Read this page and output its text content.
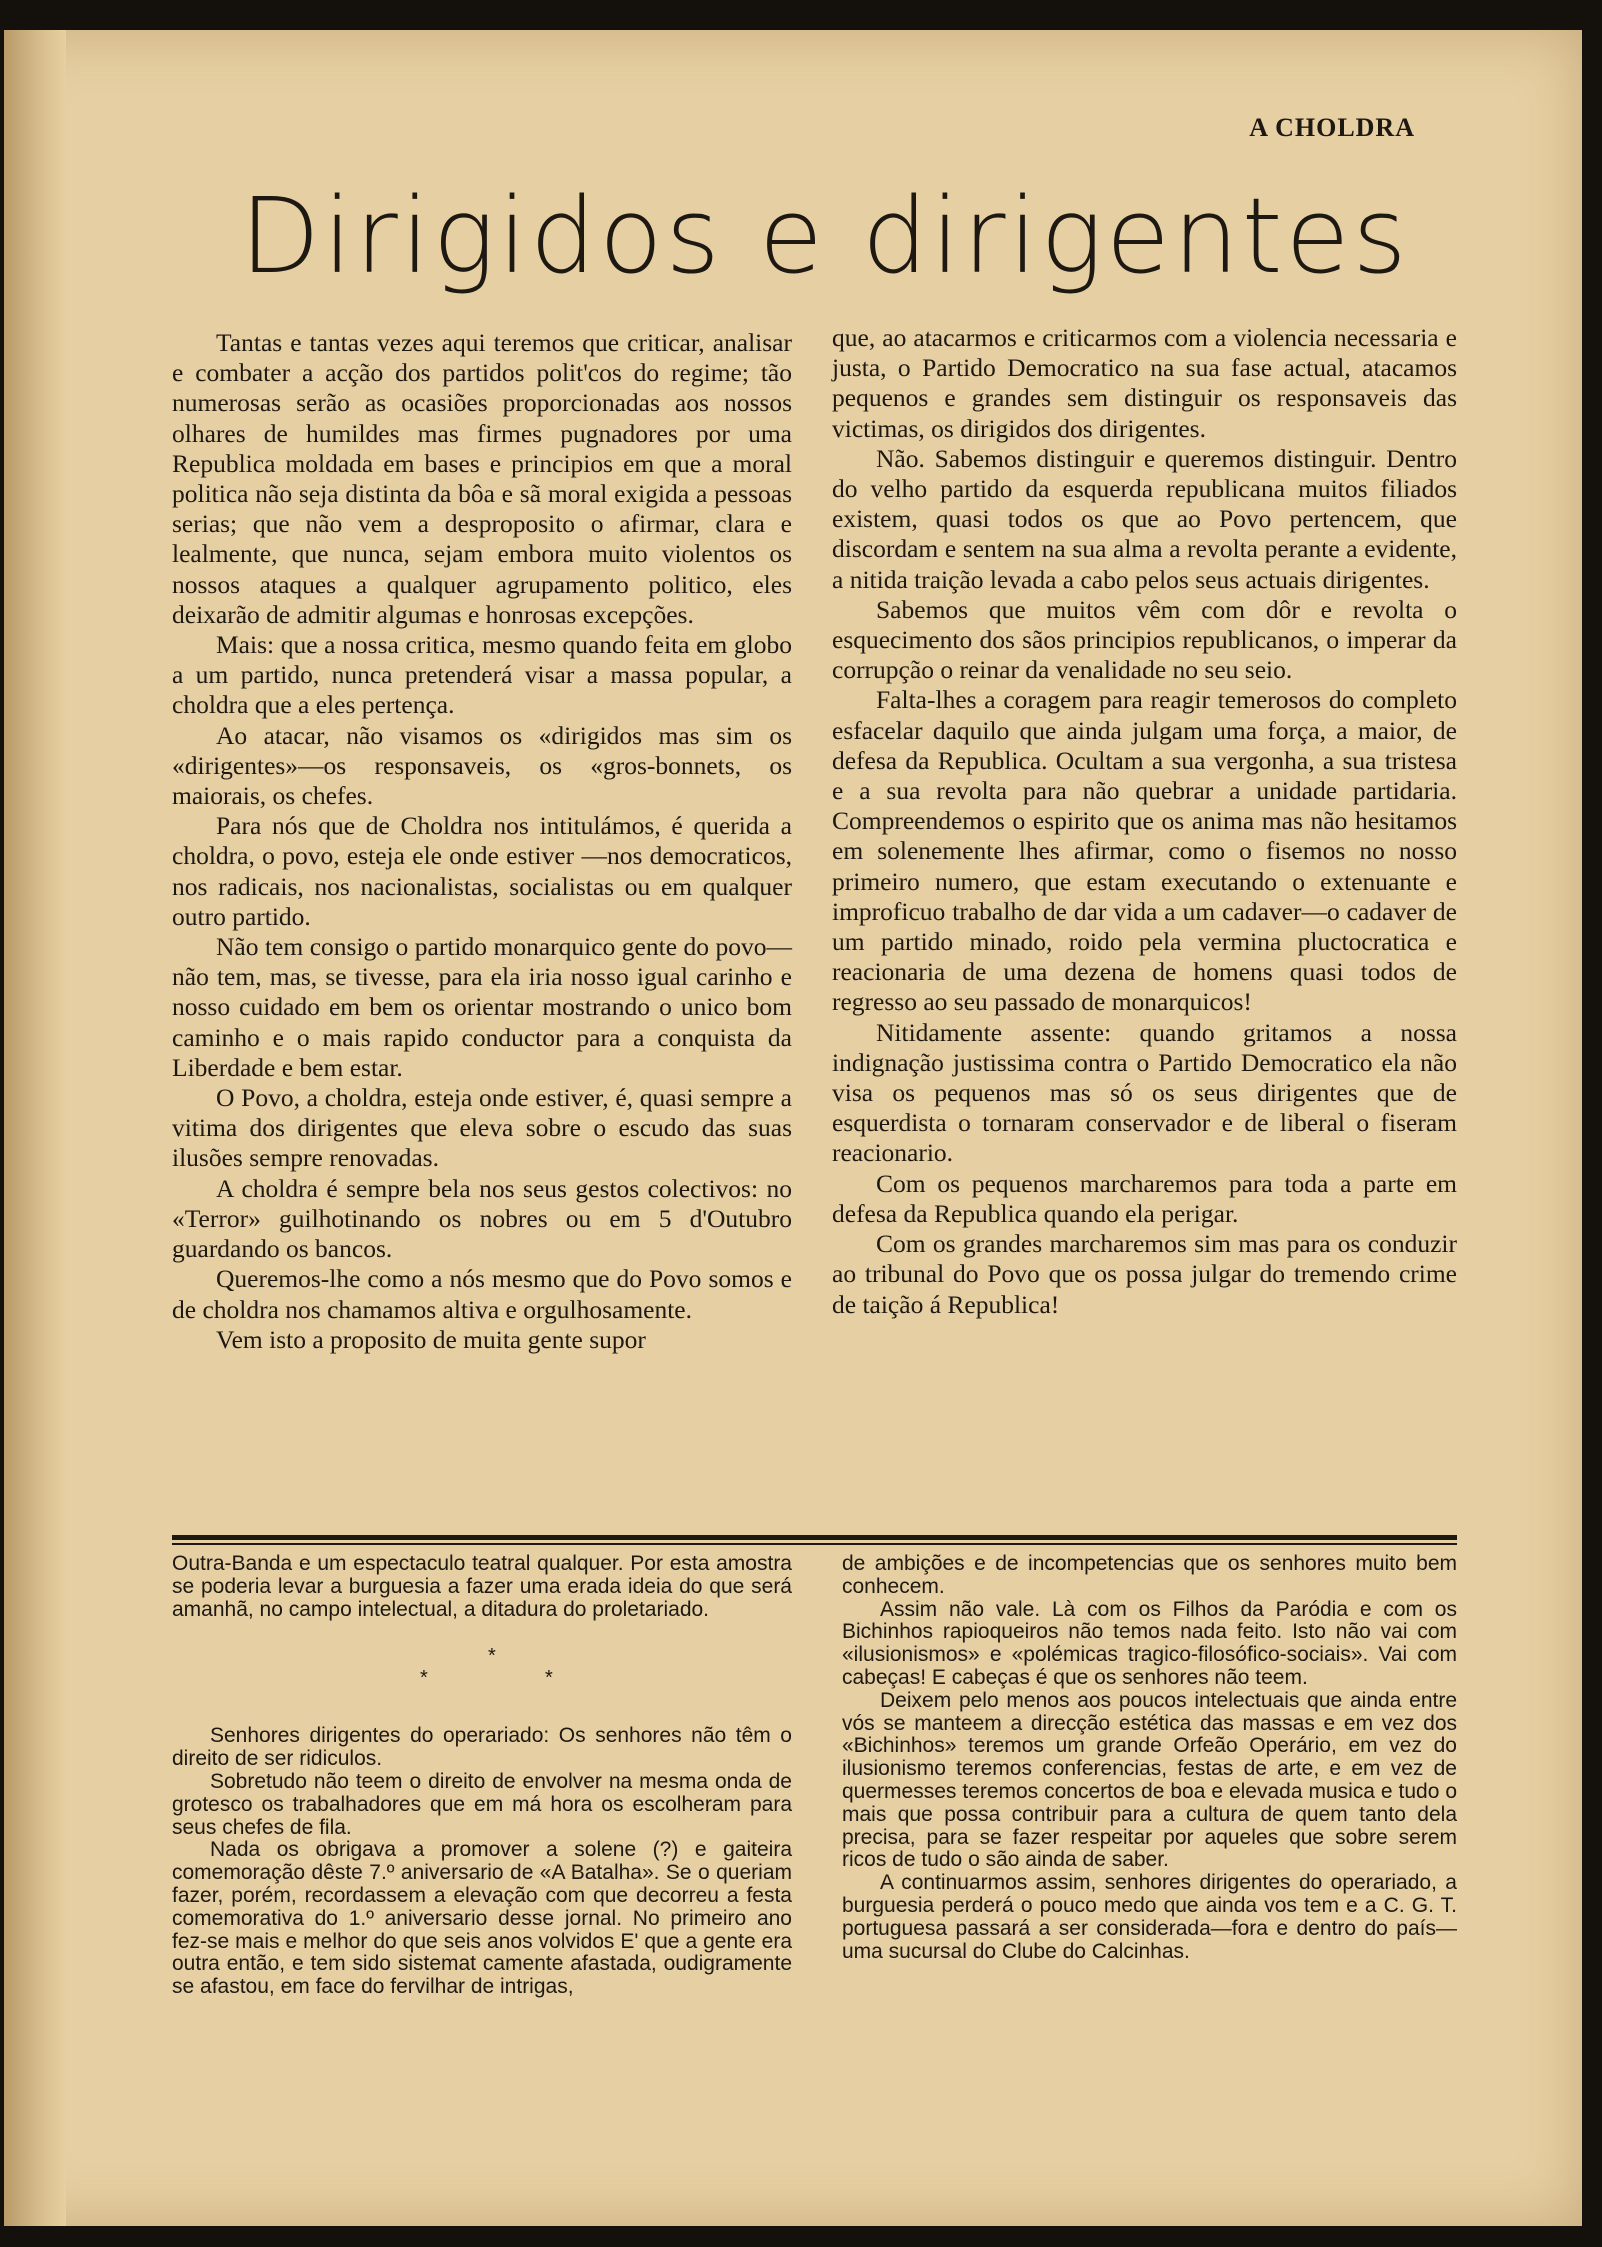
A CHOLDRA
Dirigidos e dirigentes

Tantas e tantas vezes aqui teremos que criticar, analisar e combater a acção dos partidos polit'cos do regime; tão numerosas serão as ocasiões proporcionadas aos nossos olhares de humildes mas firmes pugnadores por uma Republica moldada em bases e principios em que a moral politica não seja distinta da bôa e sã moral exigida a pessoas serias; que não vem a desproposito o afirmar, clara e lealmente, que nunca, sejam embora muito violentos os nossos ataques a qualquer agrupamento politico, eles deixarão de admitir algumas e honrosas excepções.

Mais: que a nossa critica, mesmo quando feita em globo a um partido, nunca pretenderá visar a massa popular, a choldra que a eles pertença.

Ao atacar, não visamos os «dirigidos mas sim os «dirigentes»—os responsaveis, os «gros-bonnets, os maiorais, os chefes.

Para nós que de Choldra nos intitulámos, é querida a choldra, o povo, esteja ele onde estiver —nos democraticos, nos radicais, nos nacionalistas, socialistas ou em qualquer outro partido.

Não tem consigo o partido monarquico gente do povo—não tem, mas, se tivesse, para ela iria nosso igual carinho e nosso cuidado em bem os orientar mostrando o unico bom caminho e o mais rapido conductor para a conquista da Liberdade e bem estar.

O Povo, a choldra, esteja onde estiver, é, quasi sempre a vitima dos dirigentes que eleva sobre o escudo das suas ilusões sempre renovadas.

A choldra é sempre bela nos seus gestos colectivos: no «Terror» guilhotinando os nobres ou em 5 d'Outubro guardando os bancos.

Queremos-lhe como a nós mesmo que do Povo somos e de choldra nos chamamos altiva e orgulhosamente.

Vem isto a proposito de muita gente supor

que, ao atacarmos e criticarmos com a violencia necessaria e justa, o Partido Democratico na sua fase actual, atacamos pequenos e grandes sem distinguir os responsaveis das victimas, os dirigidos dos dirigentes.

Não. Sabemos distinguir e queremos distinguir. Dentro do velho partido da esquerda republicana muitos filiados existem, quasi todos os que ao Povo pertencem, que discordam e sentem na sua alma a revolta perante a evidente, a nitida traição levada a cabo pelos seus actuais dirigentes.

Sabemos que muitos vêm com dôr e revolta o esquecimento dos sãos principios republicanos, o imperar da corrupção o reinar da venalidade no seu seio.

Falta-lhes a coragem para reagir temerosos do completo esfacelar daquilo que ainda julgam uma força, a maior, de defesa da Republica. Ocultam a sua vergonha, a sua tristesa e a sua revolta para não quebrar a unidade partidaria. Compreendemos o espirito que os anima mas não hesitamos em solenemente lhes afirmar, como o fisemos no nosso primeiro numero, que estam executando o extenuante e improficuo trabalho de dar vida a um cadaver—o cadaver de um partido minado, roido pela vermina pluctocratica e reacionaria de uma dezena de homens quasi todos de regresso ao seu passado de monarquicos!

Nitidamente assente: quando gritamos a nossa indignação justissima contra o Partido Democratico ela não visa os pequenos mas só os seus dirigentes que de esquerdista o tornaram conservador e de liberal o fiseram reacionario.

Com os pequenos marcharemos para toda a parte em defesa da Republica quando ela perigar.

Com os grandes marcharemos sim mas para os conduzir ao tribunal do Povo que os possa julgar do tremendo crime de taição á Republica!

Outra-Banda e um espectaculo teatral qualquer. Por esta amostra se poderia levar a burguesia a fazer uma erada ideia do que será amanhã, no campo intelectual, a ditadura do proletariado.

*
*	*

Senhores dirigentes do operariado: Os senhores não têm o direito de ser ridiculos.

Sobretudo não teem o direito de envolver na mesma onda de grotesco os trabalhadores que em má hora os escolheram para seus chefes de fila.

Nada os obrigava a promover a solene (?) e gaiteira comemoração dêste 7.º aniversario de «A Batalha». Se o queriam fazer, porém, recordassem a elevação com que decorreu a festa comemorativa do 1.º aniversario desse jornal. No primeiro ano fez-se mais e melhor do que seis anos volvidos E' que a gente era outra então, e tem sido sistemat camente afastada, oudigramente se afastou, em face do fervilhar de intrigas,

de ambições e de incompetencias que os senhores muito bem conhecem.

Assim não vale. Là com os Filhos da Paródia e com os Bichinhos rapioqueiros não temos nada feito. Isto não vai com «ilusionismos» e «polémicas tragico-filosófico-sociais». Vai com cabeças! E cabeças é que os senhores não teem.

Deixem pelo menos aos poucos intelectuais que ainda entre vós se manteem a direcção estética das massas e em vez dos «Bichinhos» teremos um grande Orfeão Operário, em vez do ilusionismo teremos conferencias, festas de arte, e em vez de quermesses teremos concertos de boa e elevada musica e tudo o mais que possa contribuir para a cultura de quem tanto dela precisa, para se fazer respeitar por aqueles que sobre serem ricos de tudo o são ainda de saber.

A continuarmos assim, senhores dirigentes do operariado, a burguesia perderá o pouco medo que ainda vos tem e a C. G. T. portuguesa passará a ser considerada—fora e dentro do país—uma sucursal do Clube do Calcinhas.
